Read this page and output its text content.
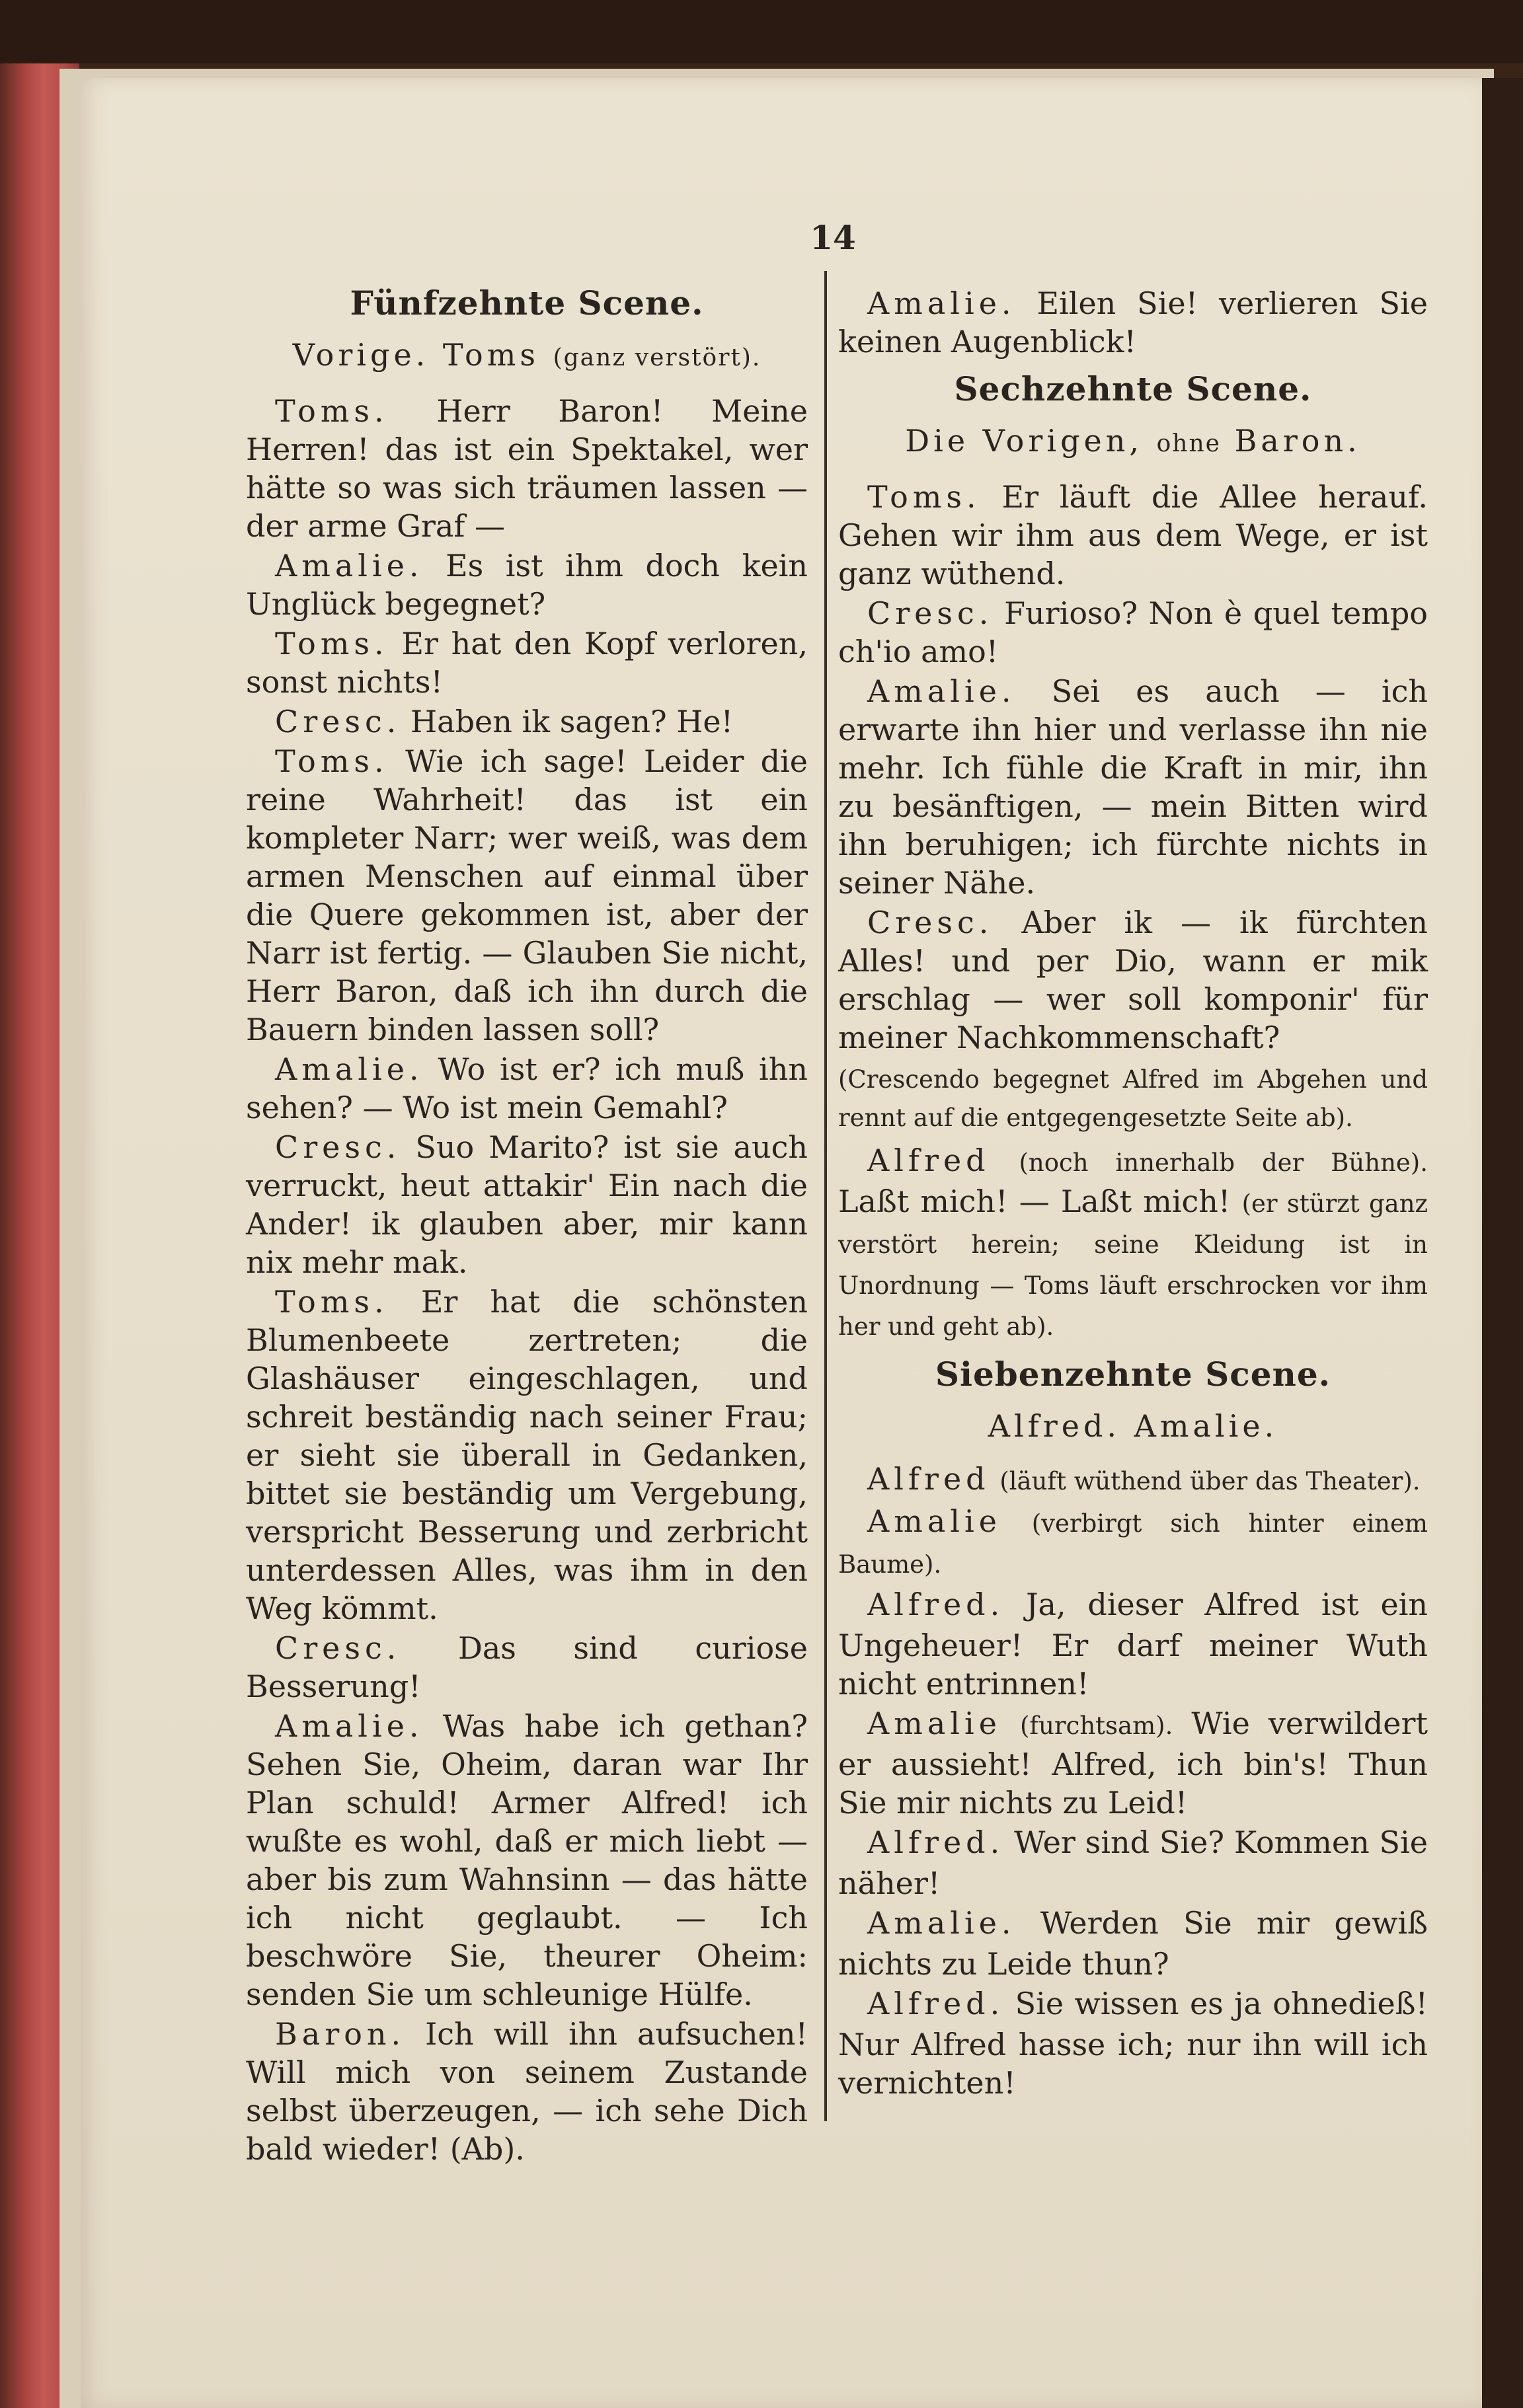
14
Fünfzehnte Scene.
Vorige. Toms (ganz verstört).

Toms. Herr Baron! Meine Herren! das ist ein Spektakel, wer hätte so was sich träumen lassen — der arme Graf —

Amalie. Es ist ihm doch kein Unglück begegnet?

Toms. Er hat den Kopf verloren, sonst nichts!

Cresc. Haben ik sagen? He!

Toms. Wie ich sage! Leider die reine Wahrheit! das ist ein kompleter Narr; wer weiß, was dem armen Menschen auf einmal über die Quere gekommen ist, aber der Narr ist fertig. — Glauben Sie nicht, Herr Baron, daß ich ihn durch die Bauern binden lassen soll?

Amalie. Wo ist er? ich muß ihn sehen? — Wo ist mein Gemahl?

Cresc. Suo Marito? ist sie auch verruckt, heut attakir' Ein nach die Ander! ik glauben aber, mir kann nix mehr mak.

Toms. Er hat die schönsten Blumenbeete zertreten; die Glashäuser eingeschlagen, und schreit beständig nach seiner Frau; er sieht sie überall in Gedanken, bittet sie beständig um Vergebung, verspricht Besserung und zerbricht unterdessen Alles, was ihm in den Weg kömmt.

Cresc. Das sind curiose Besserung!

Amalie. Was habe ich gethan? Sehen Sie, Oheim, daran war Ihr Plan schuld! Armer Alfred! ich wußte es wohl, daß er mich liebt — aber bis zum Wahnsinn — das hätte ich nicht geglaubt. — Ich beschwöre Sie, theurer Oheim: senden Sie um schleunige Hülfe.

Baron. Ich will ihn aufsuchen! Will mich von seinem Zustande selbst überzeugen, — ich sehe Dich bald wieder! (Ab).

Amalie. Eilen Sie! verlieren Sie keinen Augenblick!

Sechzehnte Scene.
Die Vorigen, ohne Baron.

Toms. Er läuft die Allee herauf. Gehen wir ihm aus dem Wege, er ist ganz wüthend.

Cresc. Furioso? Non è quel tempo ch'io amo!

Amalie. Sei es auch — ich erwarte ihn hier und verlasse ihn nie mehr. Ich fühle die Kraft in mir, ihn zu besänftigen, — mein Bitten wird ihn beruhigen; ich fürchte nichts in seiner Nähe.

Cresc. Aber ik — ik fürchten Alles! und per Dio, wann er mik erschlag — wer soll komponir' für meiner Nachkommenschaft?

(Crescendo begegnet Alfred im Abgehen und rennt auf die entgegengesetzte Seite ab).

Alfred (noch innerhalb der Bühne). Laßt mich! — Laßt mich! (er stürzt ganz verstört herein; seine Kleidung ist in Unordnung — Toms läuft erschrocken vor ihm her und geht ab).

Siebenzehnte Scene.
Alfred. Amalie.

Alfred (läuft wüthend über das Theater).

Amalie (verbirgt sich hinter einem Baume).

Alfred. Ja, dieser Alfred ist ein Ungeheuer! Er darf meiner Wuth nicht entrinnen!

Amalie (furchtsam). Wie verwildert er aussieht! Alfred, ich bin's! Thun Sie mir nichts zu Leid!

Alfred. Wer sind Sie? Kommen Sie näher!

Amalie. Werden Sie mir gewiß nichts zu Leide thun?

Alfred. Sie wissen es ja ohnedieß! Nur Alfred hasse ich; nur ihn will ich vernichten!
